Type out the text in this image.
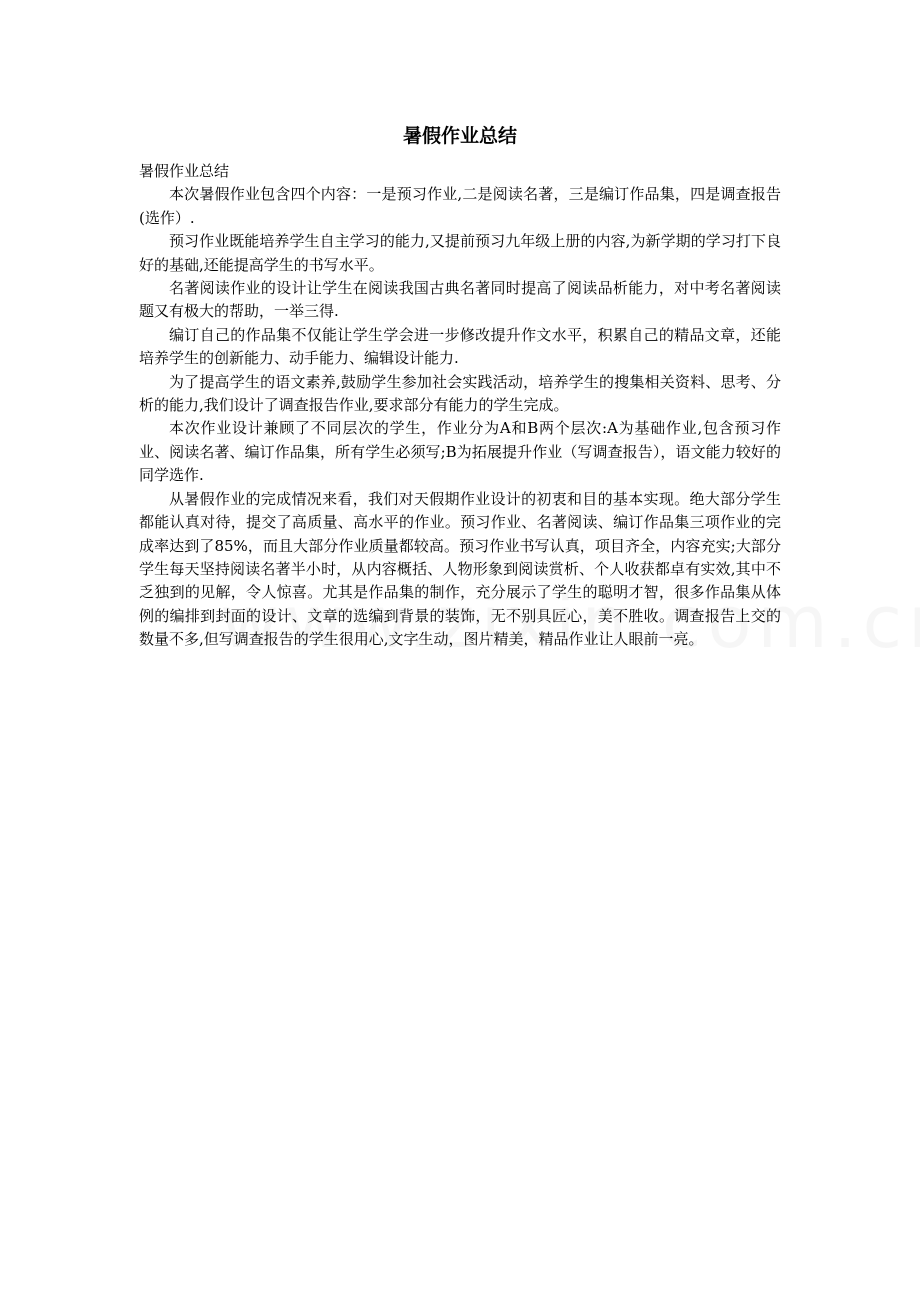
暑假作业总结

暑假作业总结

本次暑假作业包含四个内容：一是预习作业,二是阅读名著，三是编订作品集，四是调查报告(选作）.

预习作业既能培养学生自主学习的能力,又提前预习九年级上册的内容,为新学期的学习打下良好的基础,还能提高学生的书写水平。

名著阅读作业的设计让学生在阅读我国古典名著同时提高了阅读品析能力，对中考名著阅读题又有极大的帮助，一举三得.

编订自己的作品集不仅能让学生学会进一步修改提升作文水平，积累自己的精品文章，还能培养学生的创新能力、动手能力、编辑设计能力.

为了提高学生的语文素养,鼓励学生参加社会实践活动，培养学生的搜集相关资料、思考、分析的能力,我们设计了调查报告作业,要求部分有能力的学生完成。

本次作业设计兼顾了不同层次的学生，作业分为A和B两个层次:A为基础作业,包含预习作业、阅读名著、编订作品集，所有学生必须写;B为拓展提升作业（写调查报告），语文能力较好的同学选作.

从暑假作业的完成情况来看，我们对天假期作业设计的初衷和目的基本实现。绝大部分学生都能认真对待，提交了高质量、高水平的作业。预习作业、名著阅读、编订作品集三项作业的完成率达到了85%，而且大部分作业质量都较高。预习作业书写认真，项目齐全，内容充实;大部分学生每天坚持阅读名著半小时，从内容概括、人物形象到阅读赏析、个人收获都卓有实效,其中不乏独到的见解，令人惊喜。尤其是作品集的制作，充分展示了学生的聪明才智，很多作品集从体例的编排到封面的设计、文章的选编到背景的装饰，无不别具匠心，美不胜收。调查报告上交的数量不多,但写调查报告的学生很用心,文字生动，图片精美，精品作业让人眼前一亮。
